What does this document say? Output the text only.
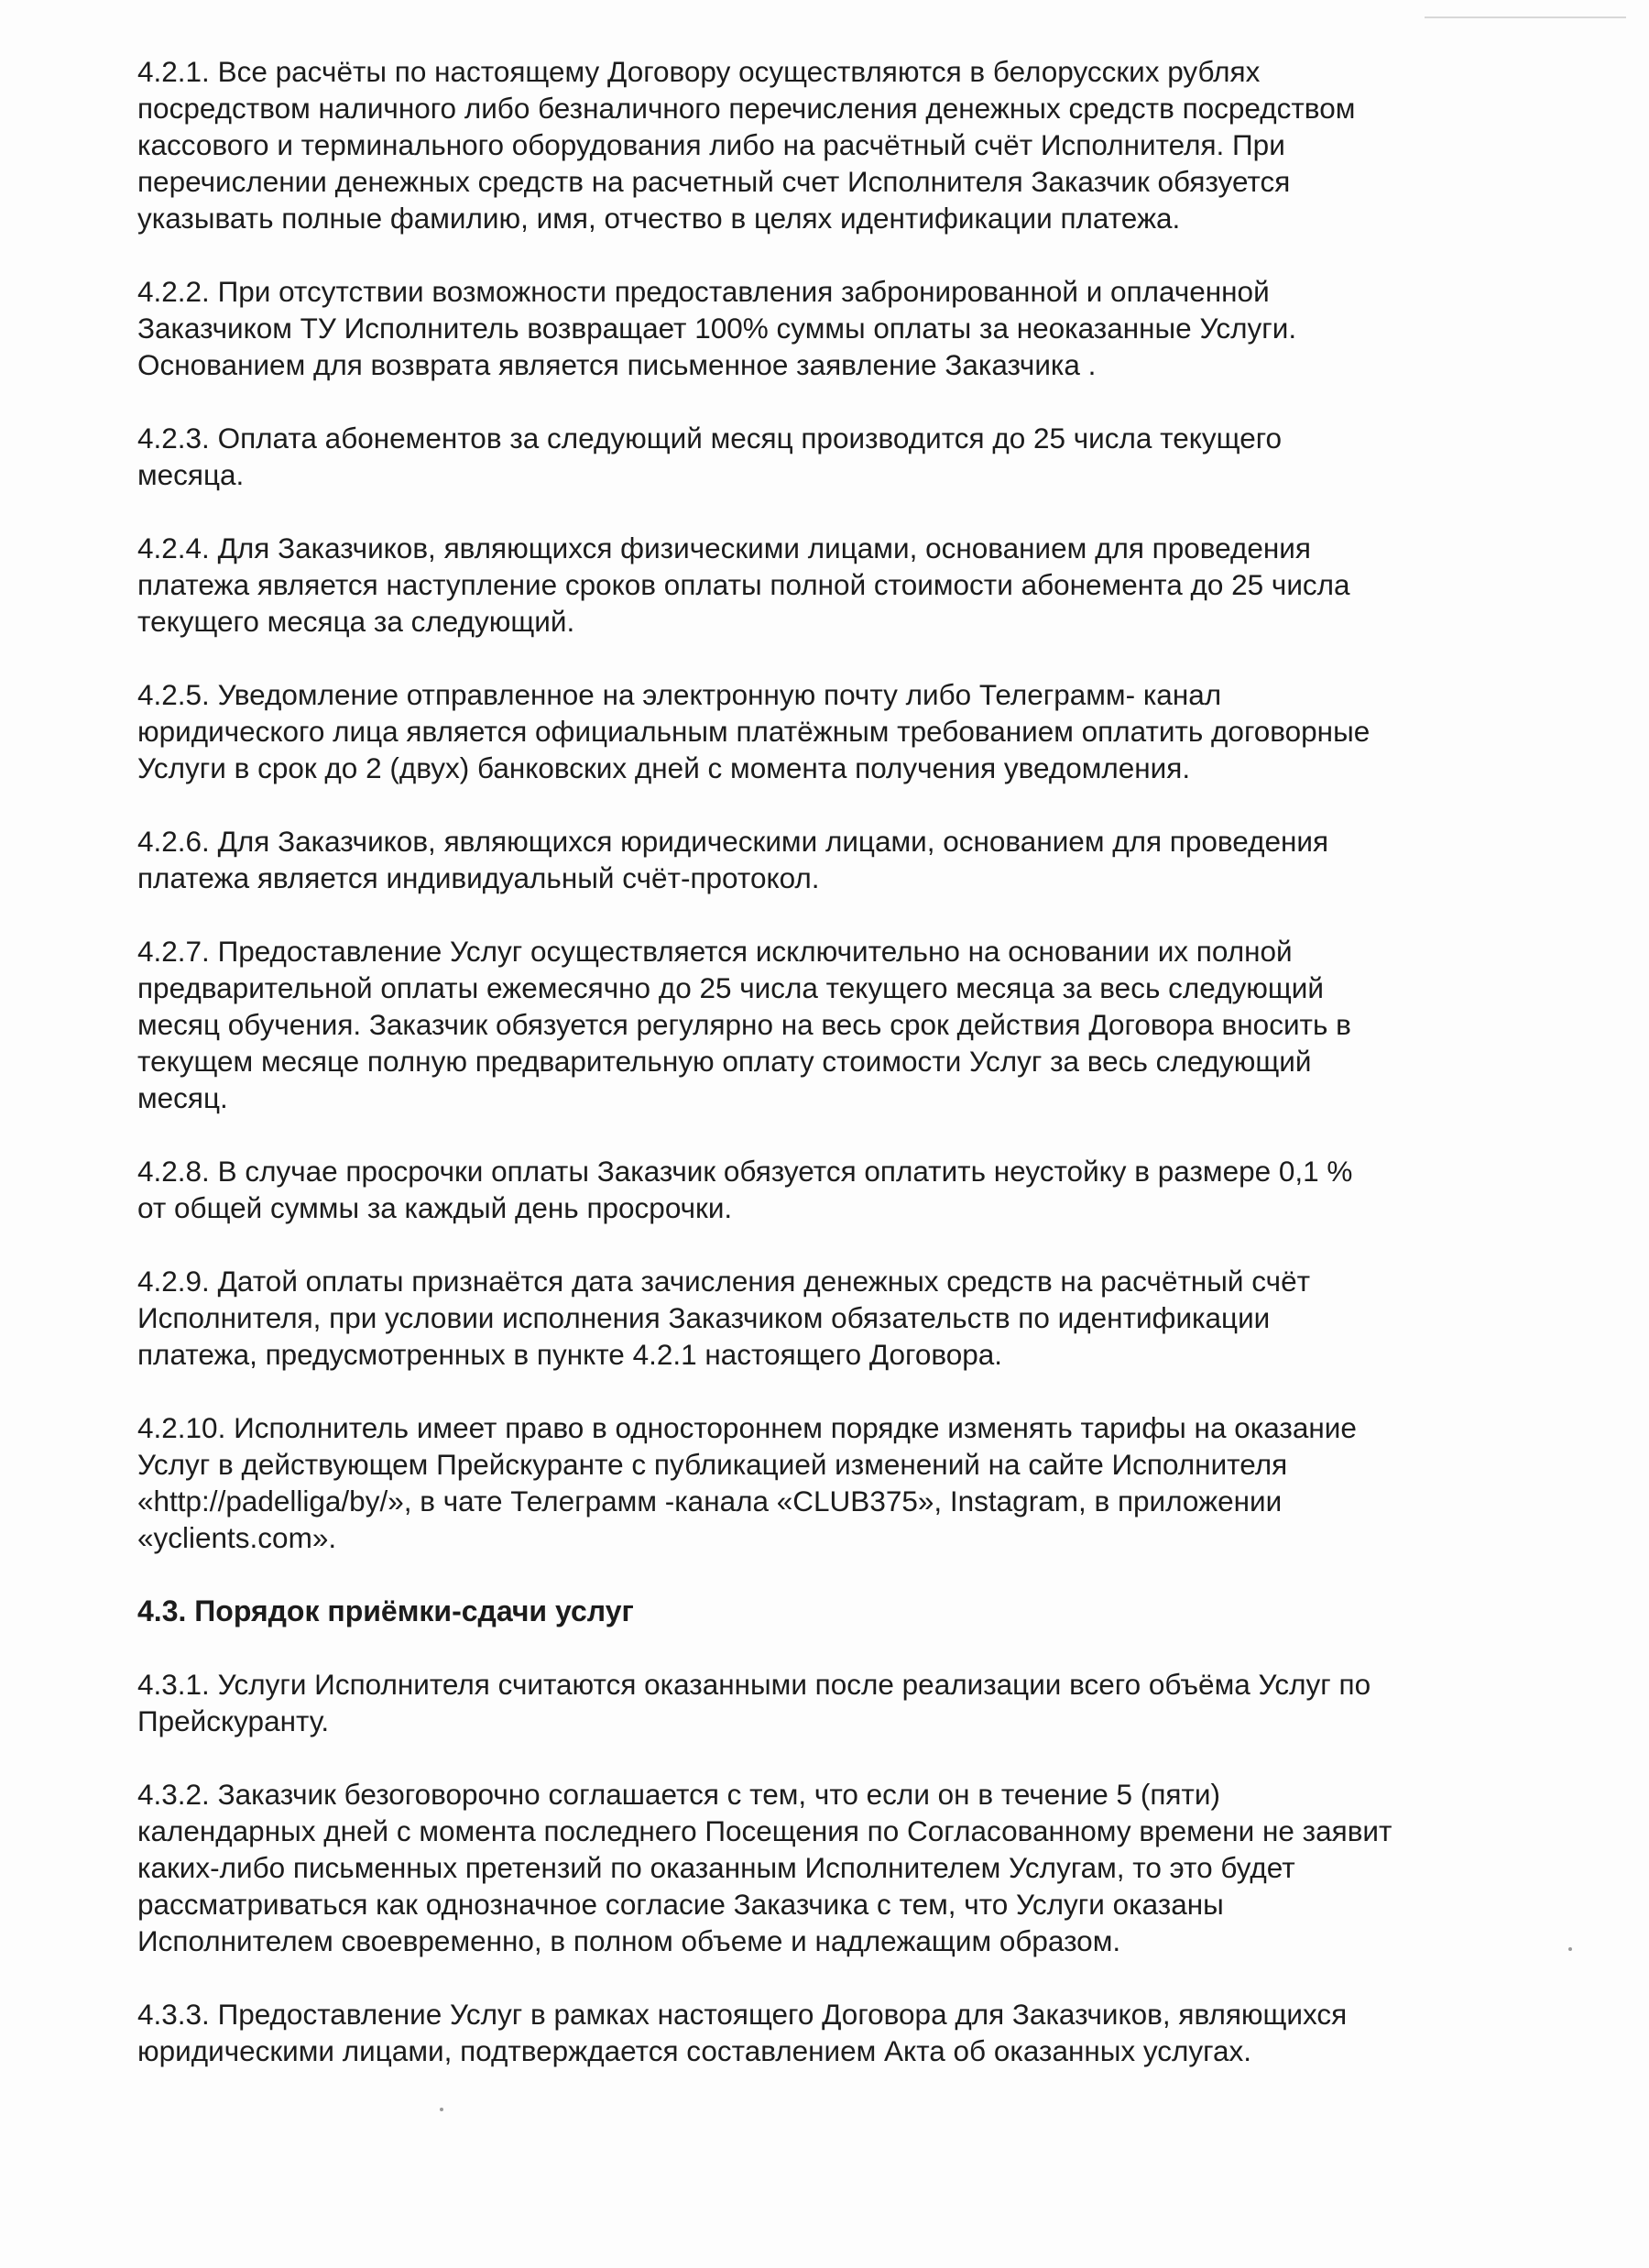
4.2.1. Все расчёты по настоящему Договору осуществляются в белорусских рублях
посредством наличного либо безналичного перечисления денежных средств посредством
кассового и терминального оборудования либо на расчётный счёт Исполнителя. При
перечислении денежных средств на расчетный счет Исполнителя Заказчик обязуется
указывать полные фамилию, имя, отчество в целях идентификации платежа.

4.2.2. При отсутствии возможности предоставления забронированной и оплаченной
Заказчиком ТУ Исполнитель возвращает 100% суммы оплаты за неоказанные Услуги.
Основанием для возврата является письменное заявление Заказчика .

4.2.3. Оплата абонементов за следующий месяц производится до 25 числа текущего
месяца.

4.2.4. Для Заказчиков, являющихся физическими лицами, основанием для проведения
платежа является наступление сроков оплаты полной стоимости абонемента до 25 числа
текущего месяца за следующий.

4.2.5. Уведомление отправленное на электронную почту либо Телеграмм- канал
юридического лица является официальным платёжным требованием оплатить договорные
Услуги в срок до 2 (двух) банковских дней с момента получения уведомления.

4.2.6. Для Заказчиков, являющихся юридическими лицами, основанием для проведения
платежа является индивидуальный счёт-протокол.

4.2.7. Предоставление Услуг осуществляется исключительно на основании их полной
предварительной оплаты ежемесячно до 25 числа текущего месяца за весь следующий
месяц обучения. Заказчик обязуется регулярно на весь срок действия Договора вносить в
текущем месяце полную предварительную оплату стоимости Услуг за весь следующий
месяц.

4.2.8. В случае просрочки оплаты Заказчик обязуется оплатить неустойку в размере 0,1 %
от общей суммы за каждый день просрочки.

4.2.9. Датой оплаты признаётся дата зачисления денежных средств на расчётный счёт
Исполнителя, при условии исполнения Заказчиком обязательств по идентификации
платежа, предусмотренных в пункте 4.2.1 настоящего Договора.

4.2.10. Исполнитель имеет право в одностороннем порядке изменять тарифы на оказание
Услуг в действующем Прейскуранте с публикацией изменений на сайте Исполнителя
«http://padelliga/by/», в чате Телеграмм -канала «CLUB375», Instagram, в приложении
«yclients.com».

4.3. Порядок приёмки-сдачи услуг

4.3.1. Услуги Исполнителя считаются оказанными после реализации всего объёма Услуг по
Прейскуранту.

4.3.2. Заказчик безоговорочно соглашается с тем, что если он в течение 5 (пяти)
календарных дней с момента последнего Посещения по Согласованному времени не заявит
каких-либо письменных претензий по оказанным Исполнителем Услугам, то это будет
рассматриваться как однозначное согласие Заказчика с тем, что Услуги оказаны
Исполнителем своевременно, в полном объеме и надлежащим образом.

4.3.3. Предоставление Услуг в рамках настоящего Договора для Заказчиков, являющихся
юридическими лицами, подтверждается составлением Акта об оказанных услугах.
